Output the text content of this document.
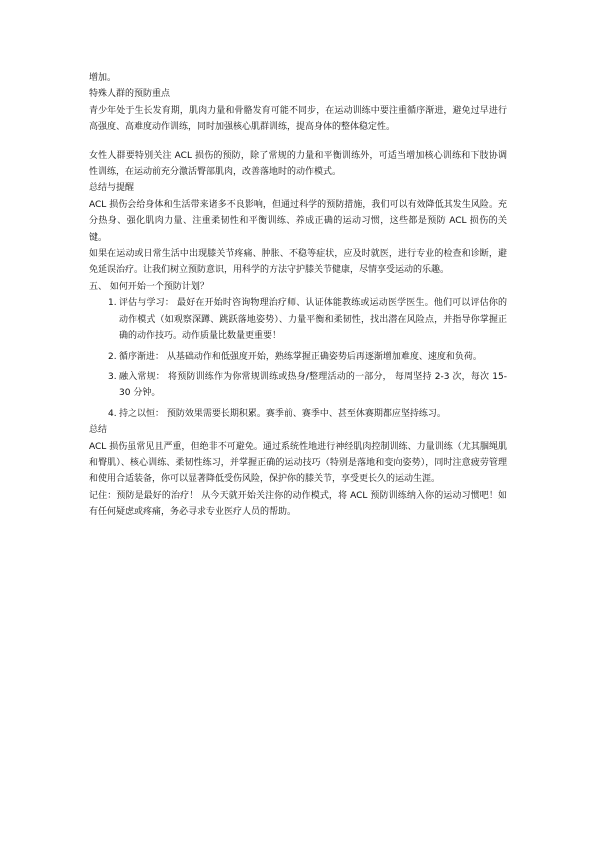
增加。

特殊人群的预防重点

青少年处于生长发育期，肌肉力量和骨骼发育可能不同步，在运动训练中要注重循序渐进，避免过早进行高强度、高难度动作训练，同时加强核心肌群训练，提高身体的整体稳定性。

女性人群要特别关注 ACL 损伤的预防，除了常规的力量和平衡训练外，可适当增加核心训练和下肢协调性训练，在运动前充分激活臀部肌肉，改善落地时的动作模式。

总结与提醒

ACL 损伤会给身体和生活带来诸多不良影响，但通过科学的预防措施，我们可以有效降低其发生风险。充分热身、强化肌肉力量、注重柔韧性和平衡训练、养成正确的运动习惯，这些都是预防 ACL 损伤的关键。

如果在运动或日常生活中出现膝关节疼痛、肿胀、不稳等症状，应及时就医，进行专业的检查和诊断，避免延误治疗。让我们树立预防意识，用科学的方法守护膝关节健康，尽情享受运动的乐趣。

五、 如何开始一个预防计划？

1. 评估与学习： 最好在开始时咨询物理治疗师、认证体能教练或运动医学医生。他们可以评估你的动作模式（如观察深蹲、跳跃落地姿势）、力量平衡和柔韧性，找出潜在风险点，并指导你掌握正确的动作技巧。动作质量比数量更重要！
2. 循序渐进： 从基础动作和低强度开始，熟练掌握正确姿势后再逐渐增加难度、速度和负荷。
3. 融入常规： 将预防训练作为你常规训练或热身/整理活动的一部分， 每周坚持 2-3 次，每次 15-30 分钟。
4. 持之以恒： 预防效果需要长期积累。赛季前、赛季中、甚至休赛期都应坚持练习。

总结

ACL 损伤虽常见且严重，但绝非不可避免。通过系统性地进行神经肌肉控制训练、力量训练（尤其腘绳肌和臀肌）、核心训练、柔韧性练习，并掌握正确的运动技巧（特别是落地和变向姿势），同时注意疲劳管理和使用合适装备，你可以显著降低受伤风险，保护你的膝关节，享受更长久的运动生涯。

记住：预防是最好的治疗！ 从今天就开始关注你的动作模式，将 ACL 预防训练纳入你的运动习惯吧！如有任何疑虑或疼痛，务必寻求专业医疗人员的帮助。
